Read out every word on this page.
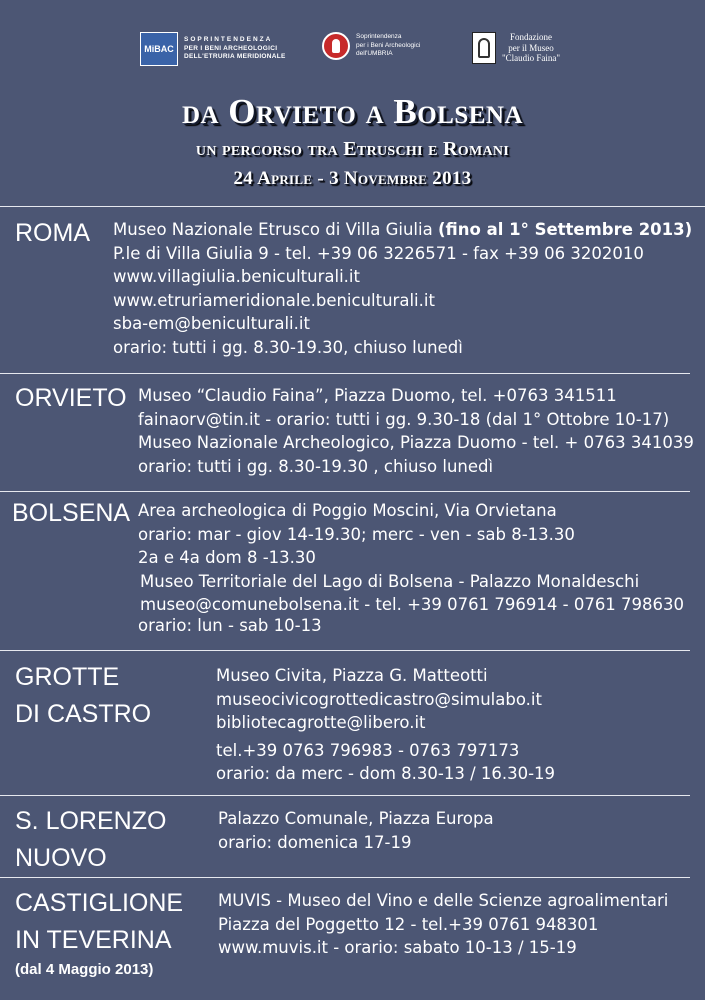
MiBAC
SOPRINTENDENZA
PER I BENI ARCHEOLOGICI
DELL'ETRURIA MERIDIONALE
Soprintendenza
per i Beni Archeologici
dell'UMBRIA
Fondazione
per il Museo
"Claudio Faina"
da Orvieto a Bolsena
un percorso tra Etruschi e Romani
24 Aprile - 3 Novembre 2013
ROMA Museo Nazionale Etrusco di Villa Giulia (fino al 1° Settembre 2013)
P.le di Villa Giulia 9 - tel. +39 06 3226571 - fax +39 06 3202010
www.villagiulia.beniculturali.it
www.etruriameridionale.beniculturali.it
sba-em@beniculturali.it
orario: tutti i gg. 8.30-19.30, chiuso lunedì
ORVIETO Museo “Claudio Faina”, Piazza Duomo, tel. +0763 341511
fainaorv@tin.it - orario: tutti i gg. 9.30-18 (dal 1° Ottobre 10-17)
Museo Nazionale Archeologico, Piazza Duomo - tel. + 0763 341039
orario: tutti i gg. 8.30-19.30 , chiuso lunedì
BOLSENA Area archeologica di Poggio Moscini, Via Orvietana
orario: mar - giov 14-19.30; merc - ven - sab 8-13.30
2a e 4a dom 8 -13.30
Museo Territoriale del Lago di Bolsena - Palazzo Monaldeschi
museo@comunebolsena.it - tel. +39 0761 796914 - 0761 798630
orario: lun - sab 10-13
GROTTE
DI CASTRO
Museo Civita, Piazza G. Matteotti
museocivicogrottedicastro@simulabo.it
bibliotecagrotte@libero.it
tel.+39 0763 796983 - 0763 797173
orario: da merc - dom 8.30-13 / 16.30-19
S. LORENZO
NUOVO
Palazzo Comunale, Piazza Europa
orario: domenica 17-19
CASTIGLIONE
IN TEVERINA
(dal 4 Maggio 2013)
MUVIS - Museo del Vino e delle Scienze agroalimentari
Piazza del Poggetto 12 - tel.+39 0761 948301
www.muvis.it - orario: sabato 10-13 / 15-19
